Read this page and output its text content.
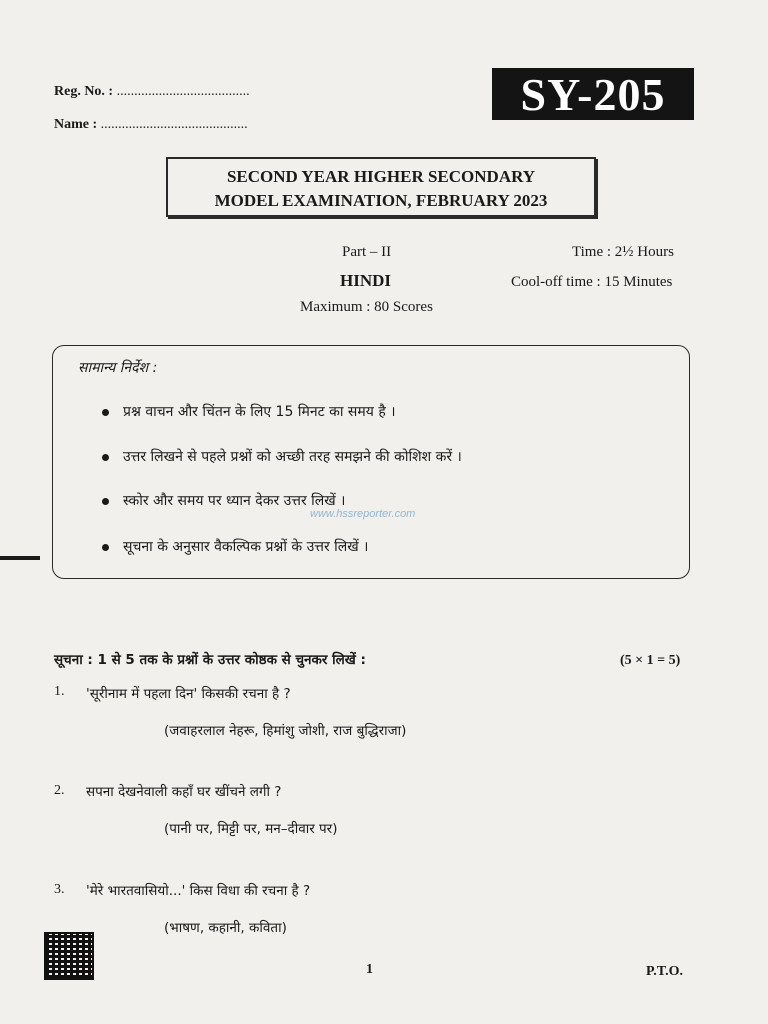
Reg. No. : ......................................
Name : ..........................................
SY-205
SECOND YEAR HIGHER SECONDARY
MODEL EXAMINATION, FEBRUARY 2023
Part – II
HINDI
Maximum : 80 Scores
Time : 2½ Hours
Cool-off time : 15 Minutes
सामान्य निर्देश :
प्रश्न वाचन और चिंतन के लिए 15 मिनट का समय है ।
उत्तर लिखने से पहले प्रश्नों को अच्छी तरह समझने की कोशिश करें ।
स्कोर और समय पर ध्यान देकर उत्तर लिखें ।
सूचना के अनुसार वैकल्पिक प्रश्नों के उत्तर लिखें ।
www.hssreporter.com
सूचना : 1 से 5 तक के प्रश्नों के उत्तर कोष्ठक से चुनकर लिखें :	(5 × 1 = 5)
1. 'सूरीनाम में पहला दिन' किसकी रचना है ?
(जवाहरलाल नेहरू, हिमांशु जोशी, राज बुद्धिराजा)
2. सपना देखनेवाली कहाँ घर खींचने लगी ?
(पानी पर, मिट्टी पर, मन–दीवार पर)
3. 'मेरे भारतवासियो...' किस विधा की रचना है ?
(भाषण, कहानी, कविता)
1	P.T.O.
